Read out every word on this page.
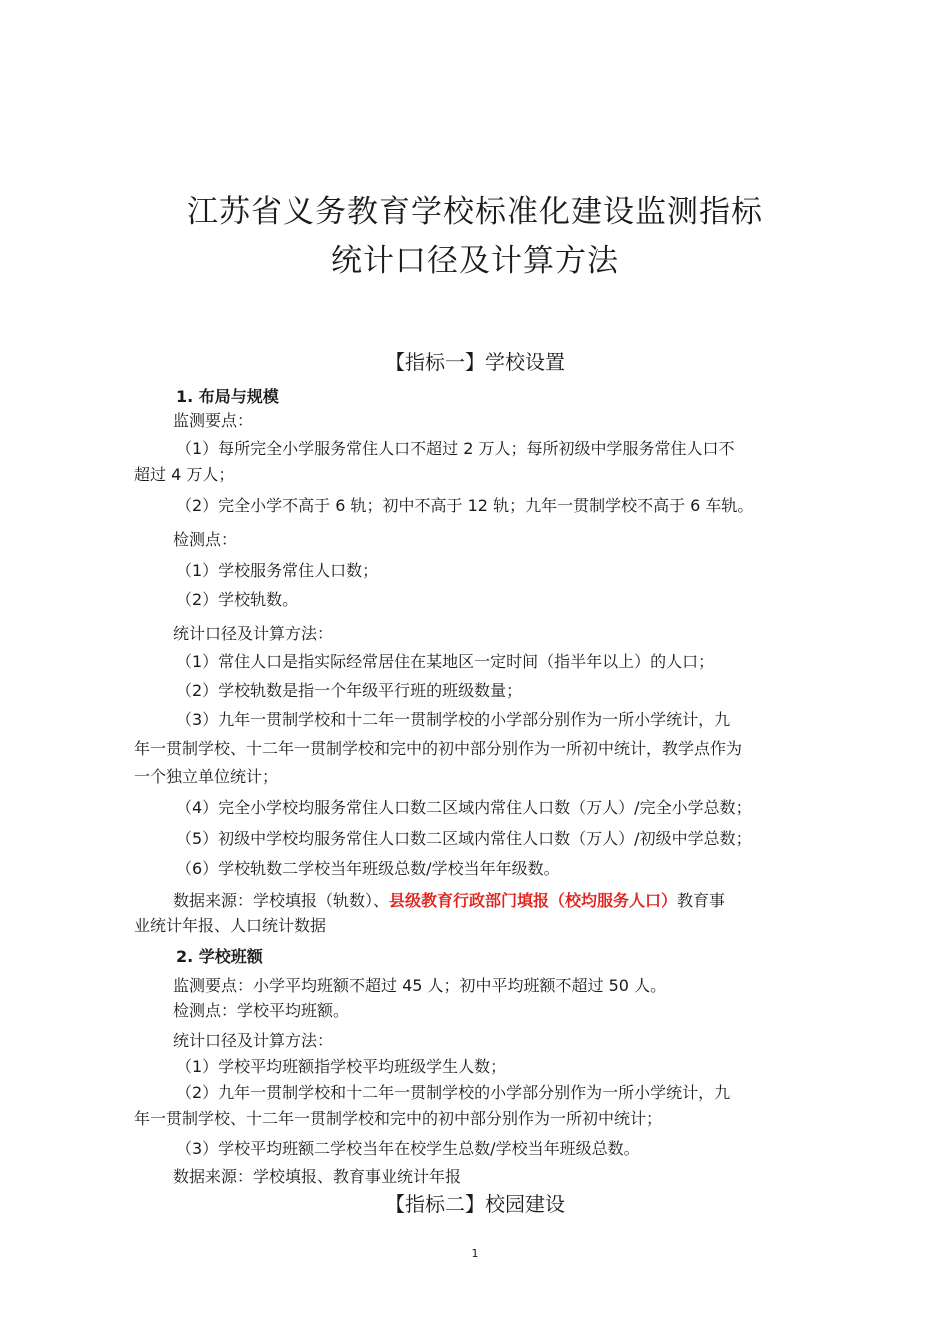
江苏省义务教育学校标准化建设监测指标
统计口径及计算方法
【指标一】学校设置
1. 布局与规模
监测要点：
（1）每所完全小学服务常住人口不超过 2 万人；每所初级中学服务常住人口不
超过 4 万人；
（2）完全小学不高于 6 轨；初中不高于 12 轨；九年一贯制学校不高于 6 车轨。
检测点：
（1）学校服务常住人口数；
（2）学校轨数。
统计口径及计算方法：
（1）常住人口是指实际经常居住在某地区一定时间（指半年以上）的人口；
（2）学校轨数是指一个年级平行班的班级数量；
（3）九年一贯制学校和十二年一贯制学校的小学部分别作为一所小学统计，九
年一贯制学校、十二年一贯制学校和完中的初中部分别作为一所初中统计，教学点作为
一个独立单位统计；
（4）完全小学校均服务常住人口数二区域内常住人口数（万人）/完全小学总数；
（5）初级中学校均服务常住人口数二区域内常住人口数（万人）/初级中学总数；
（6）学校轨数二学校当年班级总数/学校当年年级数。
数据来源：学校填报（轨数）、县级教育行政部门填报（校均服务人口）教育事
业统计年报、人口统计数据
2. 学校班额
监测要点：小学平均班额不超过 45 人；初中平均班额不超过 50 人。
检测点：学校平均班额。
统计口径及计算方法：
（1）学校平均班额指学校平均班级学生人数；
（2）九年一贯制学校和十二年一贯制学校的小学部分别作为一所小学统计，九
年一贯制学校、十二年一贯制学校和完中的初中部分别作为一所初中统计；
（3）学校平均班额二学校当年在校学生总数/学校当年班级总数。
数据来源：学校填报、教育事业统计年报
【指标二】校园建设
1
